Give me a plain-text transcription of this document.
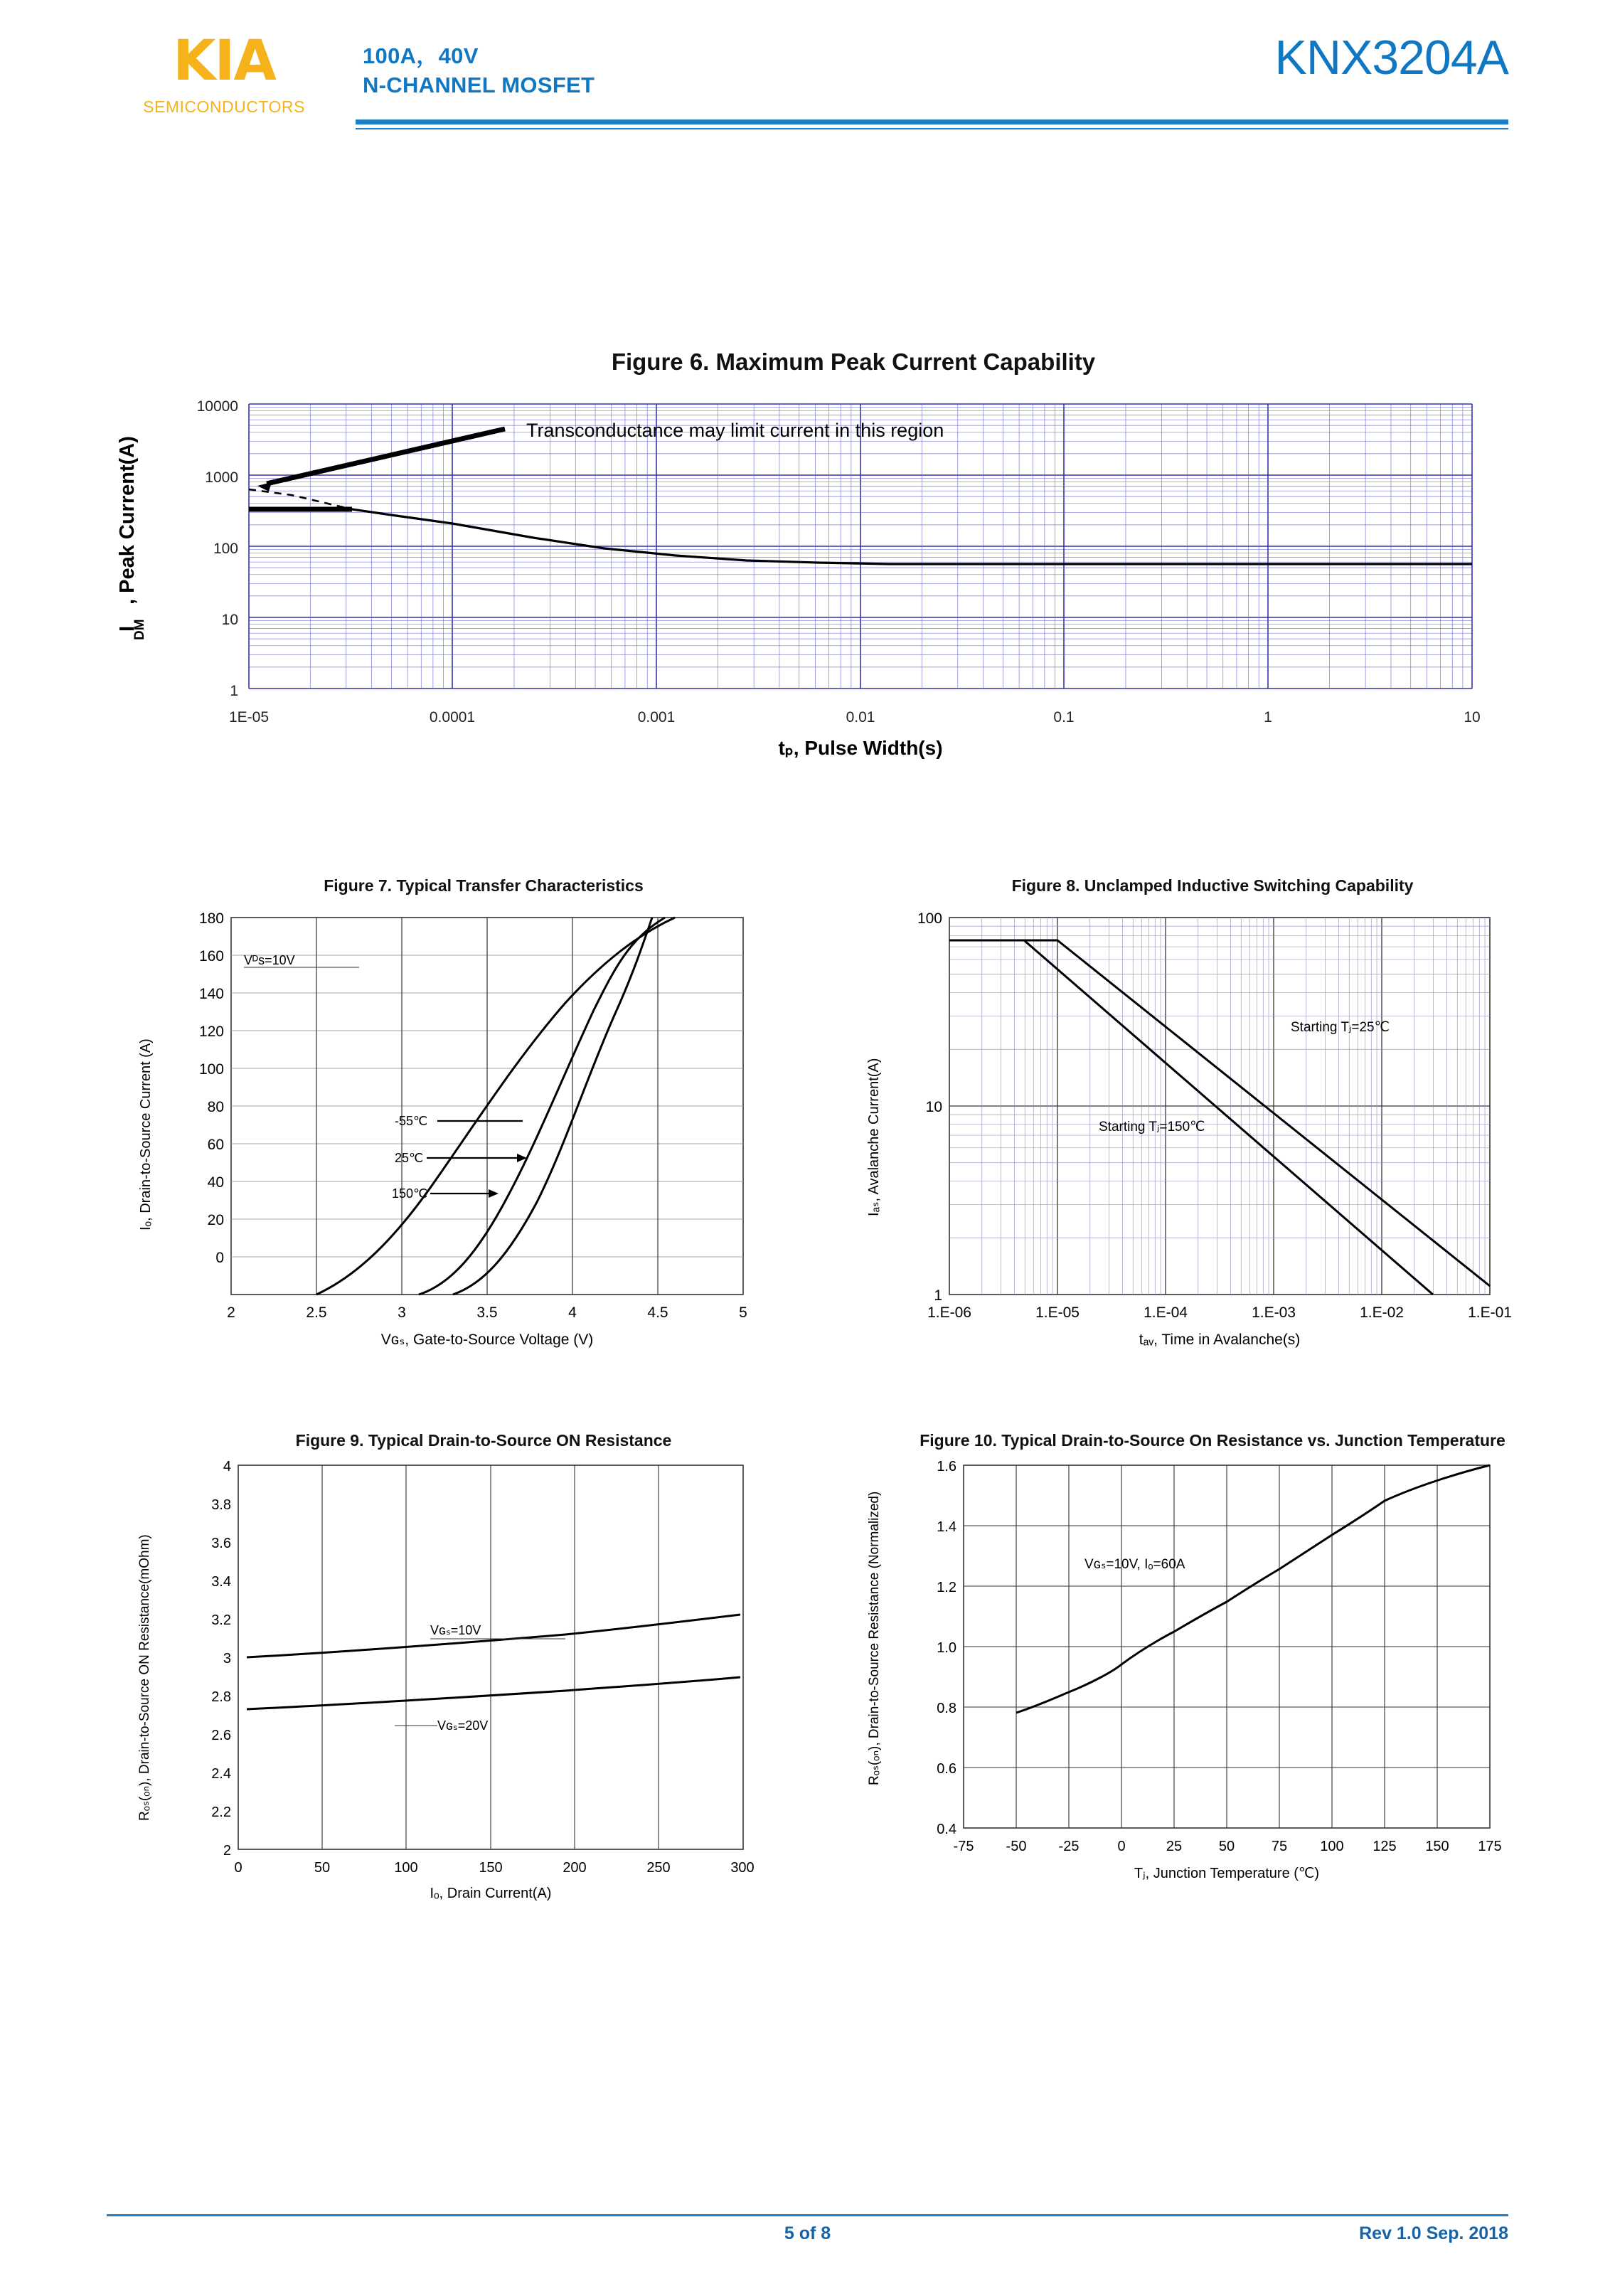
KIA
SEMICONDUCTORS
100A，40V
N-CHANNEL MOSFET
KNX3204A
Figure 6. Maximum Peak Current Capability
I
DM
, Peak Current(A)
Transconductance may limit current in this region
10000
1000
100
10
1
1E-05	0.0001	0.001	0.01	0.1	1	10
tₚ, Pulse Width(s)
Figure 7. Typical Transfer Characteristics
Iₒ, Drain-to-Source Current (A)
Vᴰs=10V
-55℃
25℃
150℃
180
160
140
120
100
80
60
40
20
0
2	2.5	3	3.5	4	4.5	5
Vɢₛ, Gate-to-Source Voltage (V)
Figure 8. Unclamped Inductive Switching Capability
Iₐₛ, Avalanche Current(A)
Starting Tⱼ=25℃
Starting Tⱼ=150℃
100
10
1
1.E-06	1.E-05	1.E-04	1.E-03	1.E-02	1.E-01
tₐᵥ, Time in Avalanche(s)
Figure 9. Typical Drain-to-Source ON Resistance
Rₒₛ(ₒₙ), Drain-to-Source ON Resistance(mOhm)	Vɢₛ=10V
Vɢₛ=20V
4
3.8
3.6
3.4
3.2
3
2.8
2.6
2.4
2.2
2
0	50	100	150	200	250	300
Iₒ, Drain Current(A)
Figure 10. Typical Drain-to-Source On Resistance vs. Junction Temperature
Rₒₛ(ₒₙ), Drain-to-Source Resistance (Normalized)	Vɢₛ=10V, Iₒ=60A
1.6
1.4
1.2
1.0
0.8
0.6
0.4
-75 -50 -25	0	25	50	75 100 125 150 175
Tⱼ, Junction Temperature (℃)
5 of 8	Rev 1.0 Sep. 2018
